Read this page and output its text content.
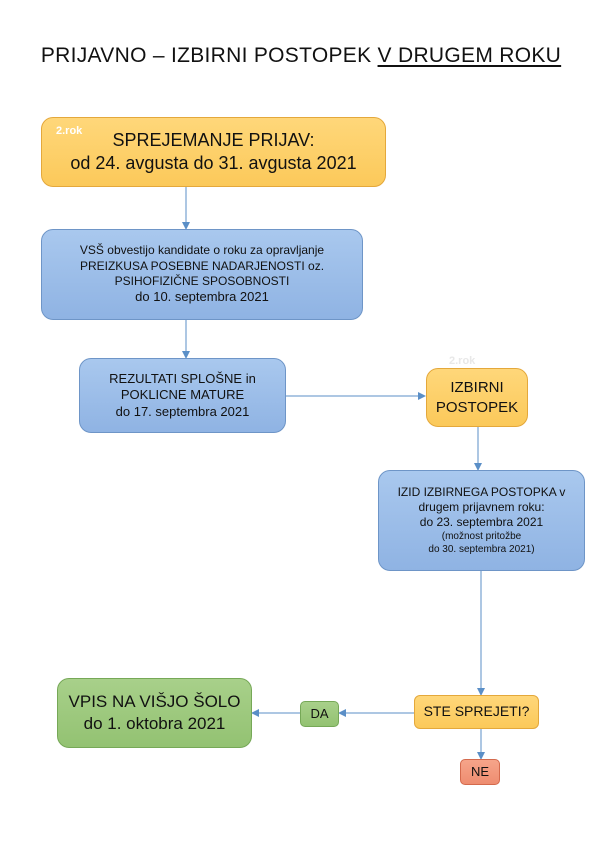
PRIJAVNO – IZBIRNI POSTOPEK V DRUGEM ROKU
2.rok SPREJEMANJE PRIJAV:
od 24. avgusta do 31. avgusta 2021
VSŠ obvestijo kandidate o roku za opravljanje
PREIZKUSA POSEBNE NADARJENOSTI oz.
PSIHOFIZIČNE SPOSOBNOSTI
do 10. septembra 2021
REZULTATI SPLOŠNE in
POKLICNE MATURE
do 17. septembra 2021
2.rok
IZBIRNI
POSTOPEK
IZID IZBIRNEGA POSTOPKA v
drugem prijavnem roku:
do 23. septembra 2021
(možnost pritožbe
do 30. septembra 2021)
STE SPREJETI?
DA
NE
VPIS NA VIŠJO ŠOLO
do 1. oktobra 2021
